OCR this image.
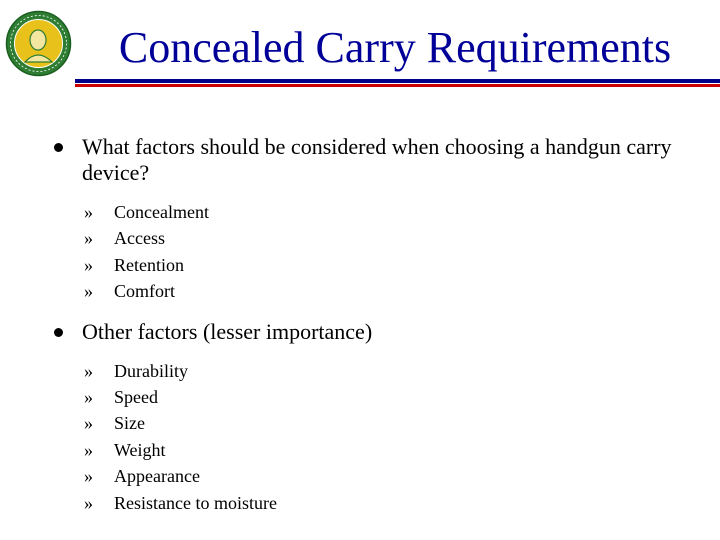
Concealed Carry Requirements
What factors should be considered when choosing a handgun carry device?
» Concealment
» Access
» Retention
» Comfort
Other factors (lesser importance)
» Durability
» Speed
» Size
» Weight
» Appearance
» Resistance to moisture
